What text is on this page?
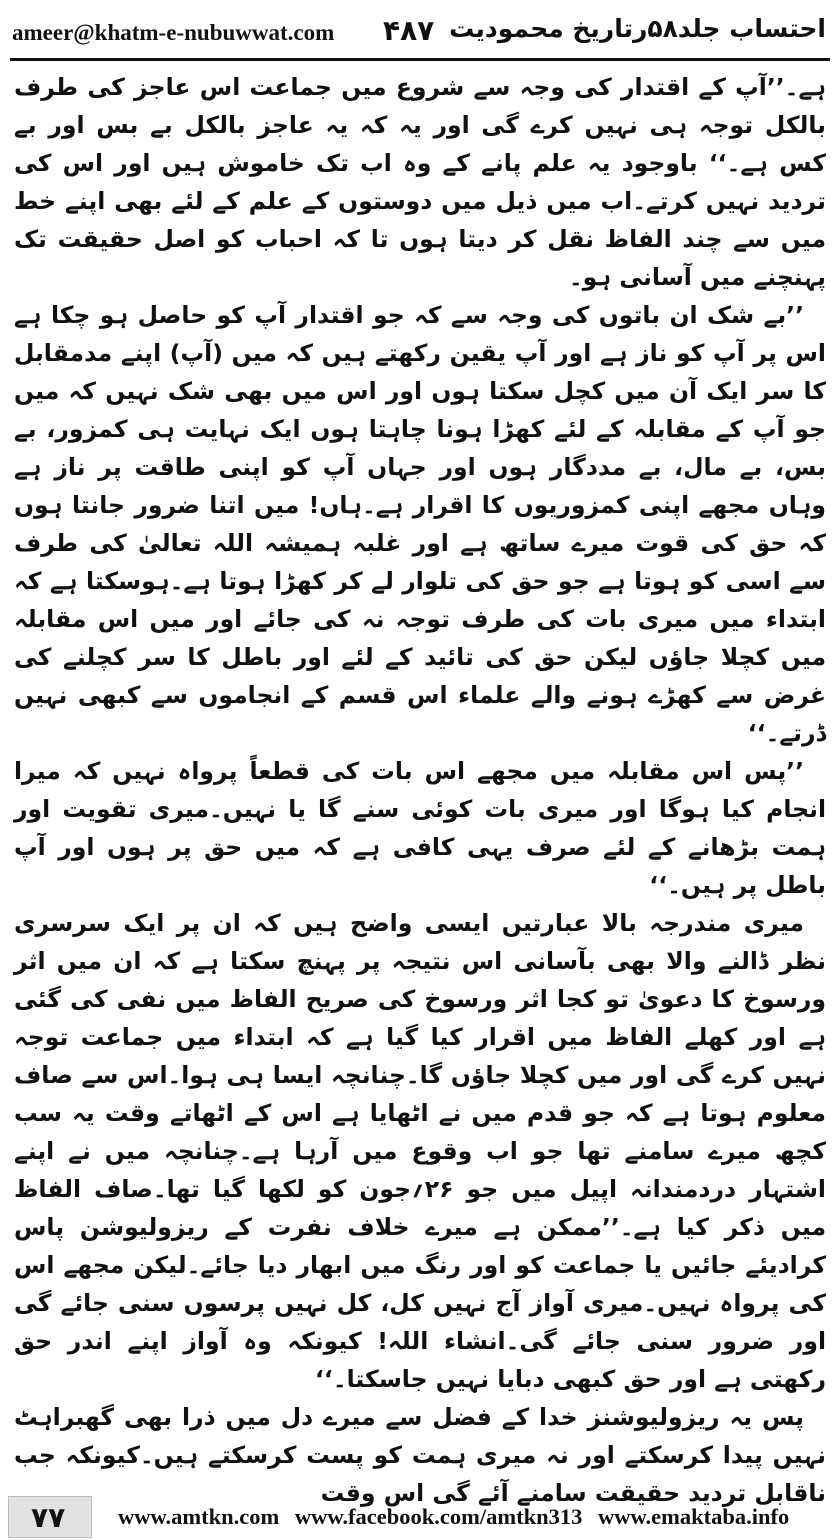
ameer@khatm-e-nubuwwat.com ۴۸۷ احتساب جلد۵۸رتاریخ محمودیت

ہے۔’’آپ کے اقتدار کی وجہ سے شروع میں جماعت اس عاجز کی طرف بالکل توجہ ہی نہیں کرے گی اور یہ کہ یہ عاجز بالکل بے بس اور بے کس ہے۔‘‘ باوجود یہ علم پانے کے وہ اب تک خاموش ہیں اور اس کی تردید نہیں کرتے۔اب میں ذیل میں دوستوں کے علم کے لئے بھی اپنے خط میں سے چند الفاظ نقل کر دیتا ہوں تا کہ احباب کو اصل حقیقت تک پہنچنے میں آسانی ہو۔

’’بے شک ان باتوں کی وجہ سے کہ جو اقتدار آپ کو حاصل ہو چکا ہے اس پر آپ کو ناز ہے اور آپ یقین رکھتے ہیں کہ میں (آپ) اپنے مدمقابل کا سر ایک آن میں کچل سکتا ہوں اور اس میں بھی شک نہیں کہ میں جو آپ کے مقابلہ کے لئے کھڑا ہونا چاہتا ہوں ایک نہایت ہی کمزور، بے بس، بے مال، بے مددگار ہوں اور جہاں آپ کو اپنی طاقت پر ناز ہے وہاں مجھے اپنی کمزوریوں کا اقرار ہے۔ہاں! میں اتنا ضرور جانتا ہوں کہ حق کی قوت میرے ساتھ ہے اور غلبہ ہمیشہ اللہ تعالیٰ کی طرف سے اسی کو ہوتا ہے جو حق کی تلوار لے کر کھڑا ہوتا ہے۔ہوسکتا ہے کہ ابتداء میں میری بات کی طرف توجہ نہ کی جائے اور میں اس مقابلہ میں کچلا جاؤں لیکن حق کی تائید کے لئے اور باطل کا سر کچلنے کی غرض سے کھڑے ہونے والے علماء اس قسم کے انجاموں سے کبھی نہیں ڈرتے۔‘‘

’’پس اس مقابلہ میں مجھے اس بات کی قطعاً پرواہ نہیں کہ میرا انجام کیا ہوگا اور میری بات کوئی سنے گا یا نہیں۔میری تقویت اور ہمت بڑھانے کے لئے صرف یہی کافی ہے کہ میں حق پر ہوں اور آپ باطل پر ہیں۔‘‘

میری مندرجہ بالا عبارتیں ایسی واضح ہیں کہ ان پر ایک سرسری نظر ڈالنے والا بھی بآسانی اس نتیجہ پر پہنچ سکتا ہے کہ ان میں اثر ورسوخ کا دعویٰ تو کجا اثر ورسوخ کی صریح الفاظ میں نفی کی گئی ہے اور کھلے الفاظ میں اقرار کیا گیا ہے کہ ابتداء میں جماعت توجہ نہیں کرے گی اور میں کچلا جاؤں گا۔چنانچہ ایسا ہی ہوا۔اس سے صاف معلوم ہوتا ہے کہ جو قدم میں نے اٹھایا ہے اس کے اٹھاتے وقت یہ سب کچھ میرے سامنے تھا جو اب وقوع میں آرہا ہے۔چنانچہ میں نے اپنے اشتہار دردمندانہ اپیل میں جو ۲۶؍جون کو لکھا گیا تھا۔صاف الفاظ میں ذکر کیا ہے۔’’ممکن ہے میرے خلاف نفرت کے ریزولیوشن پاس کرادیئے جائیں یا جماعت کو اور رنگ میں ابھار دیا جائے۔لیکن مجھے اس کی پرواہ نہیں۔میری آواز آج نہیں کل، کل نہیں پرسوں سنی جائے گی اور ضرور سنی جائے گی۔انشاء اللہ! کیونکہ وہ آواز اپنے اندر حق رکھتی ہے اور حق کبھی دبایا نہیں جاسکتا۔‘‘

پس یہ ریزولیوشنز خدا کے فضل سے میرے دل میں ذرا بھی گھبراہٹ نہیں پیدا کرسکتے اور نہ میری ہمت کو پست کرسکتے ہیں۔کیونکہ جب ناقابل تردید حقیقت سامنے آئے گی اس وقت

۷۷ www.amtkn.com www.facebook.com/amtkn313 www.emaktaba.info
